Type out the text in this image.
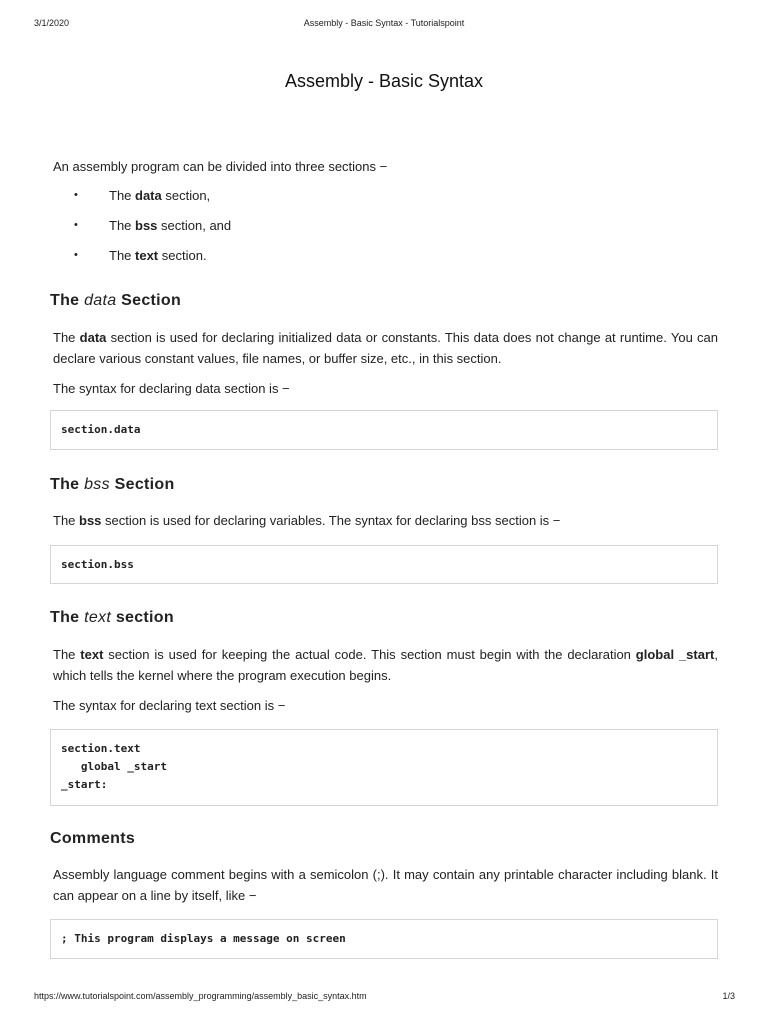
3/1/2020	Assembly - Basic Syntax - Tutorialspoint
Assembly - Basic Syntax

An assembly program can be divided into three sections −

• The data section,
• The bss section, and
• The text section.
The data Section

The data section is used for declaring initialized data or constants. This data does not change at runtime. You can declare various constant values, file names, or buffer size, etc., in this section.

The syntax for declaring data section is −

section.data
The bss Section

The bss section is used for declaring variables. The syntax for declaring bss section is −

section.bss
The text section

The text section is used for keeping the actual code. This section must begin with the declaration global _start, which tells the kernel where the program execution begins.

The syntax for declaring text section is −

section.text
global _start
_start:
Comments

Assembly language comment begins with a semicolon (;). It may contain any printable character including blank. It can appear on a line by itself, like −

; This program displays a message on screen
https://www.tutorialspoint.com/assembly_programming/assembly_basic_syntax.htm	1/3
